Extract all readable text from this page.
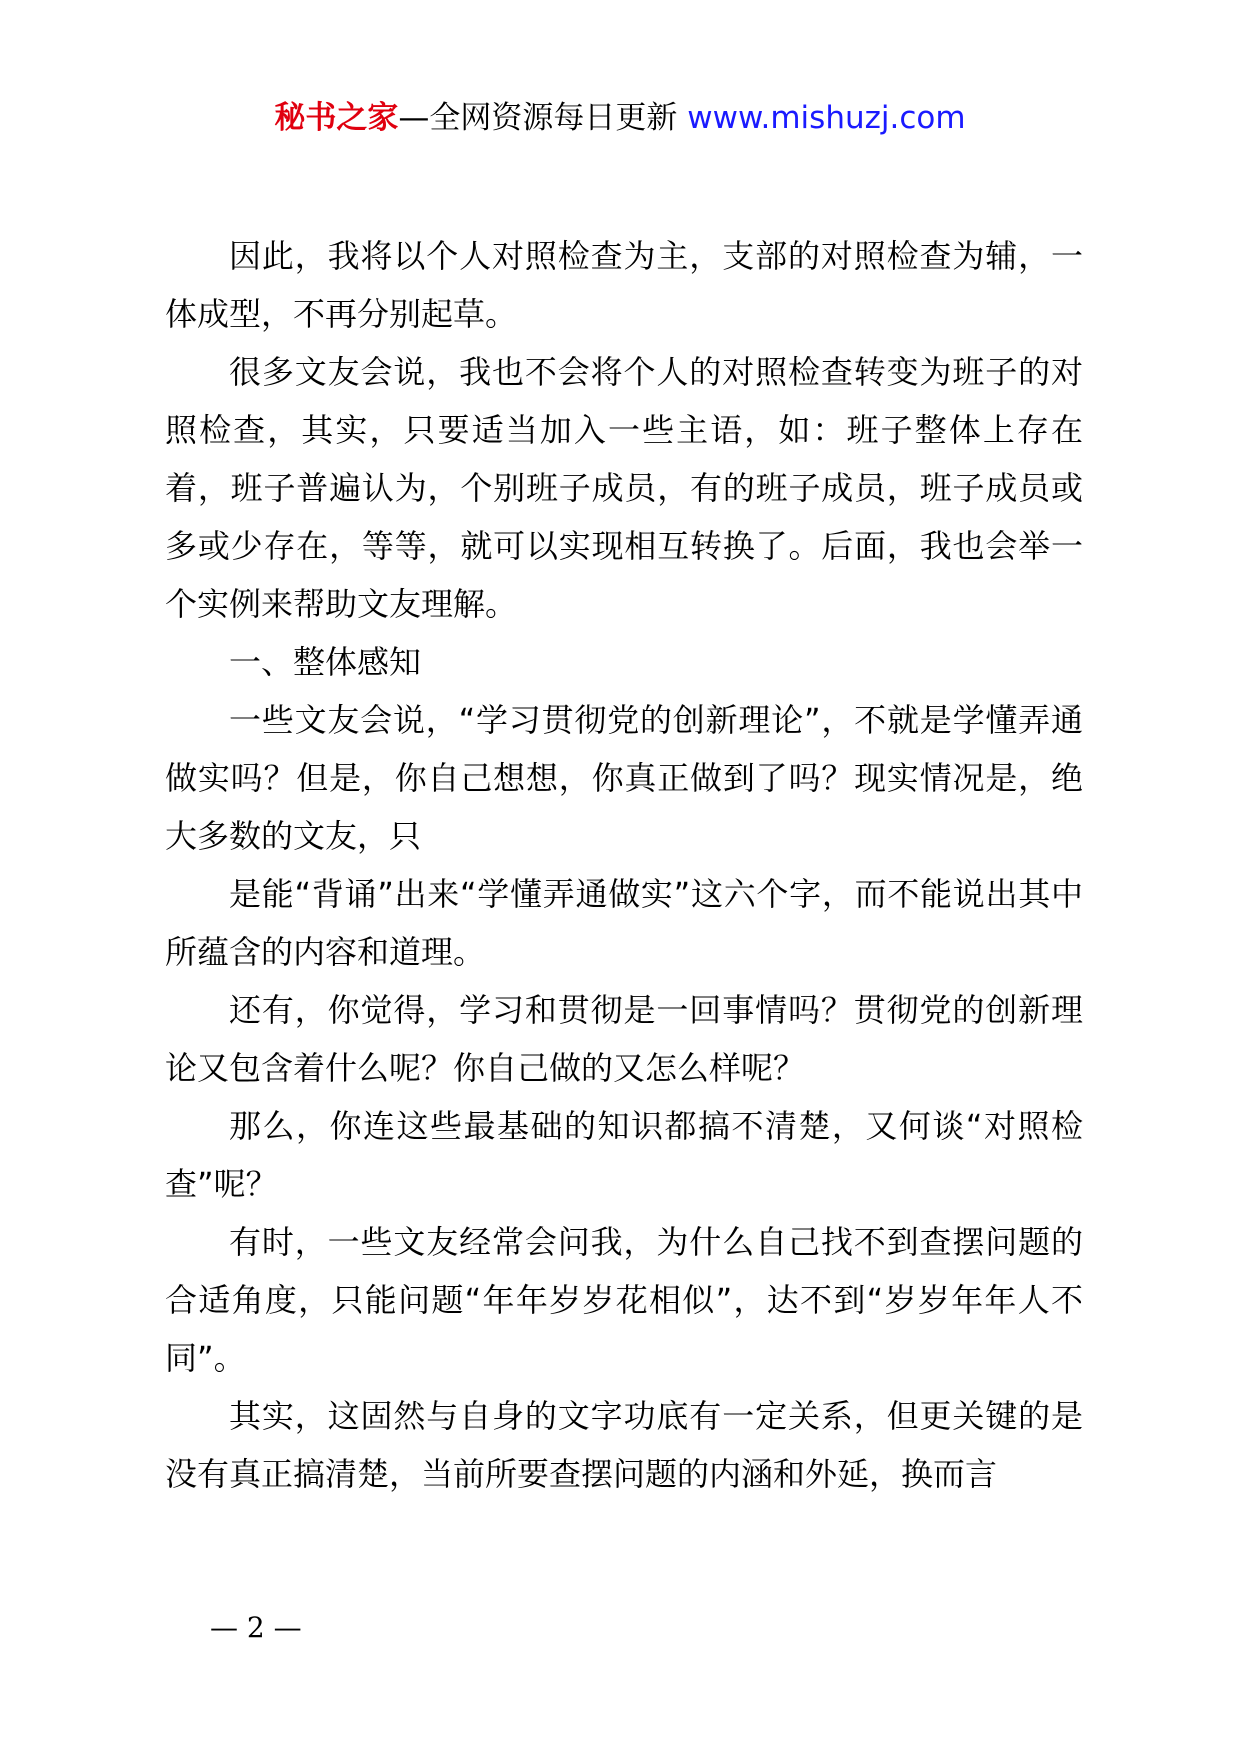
秘书之家—全网资源每日更新 www.mishuzj.com

因此，我将以个人对照检查为主，支部的对照检查为辅，一体成型，不再分别起草。

很多文友会说，我也不会将个人的对照检查转变为班子的对照检查，其实，只要适当加入一些主语，如：班子整体上存在着，班子普遍认为，个别班子成员，有的班子成员，班子成员或多或少存在，等等，就可以实现相互转换了。后面，我也会举一个实例来帮助文友理解。

一、整体感知

一些文友会说，“学习贯彻党的创新理论”，不就是学懂弄通做实吗？但是，你自己想想，你真正做到了吗？现实情况是，绝大多数的文友，只

是能“背诵”出来“学懂弄通做实”这六个字，而不能说出其中所蕴含的内容和道理。

还有，你觉得，学习和贯彻是一回事情吗？贯彻党的创新理论又包含着什么呢？你自己做的又怎么样呢？

那么，你连这些最基础的知识都搞不清楚，又何谈“对照检查”呢？

有时，一些文友经常会问我，为什么自己找不到查摆问题的合适角度，只能问题“年年岁岁花相似”，达不到“岁岁年年人不同”。

其实，这固然与自身的文字功底有一定关系，但更关键的是没有真正搞清楚，当前所要查摆问题的内涵和外延，换而言

— 2 —
